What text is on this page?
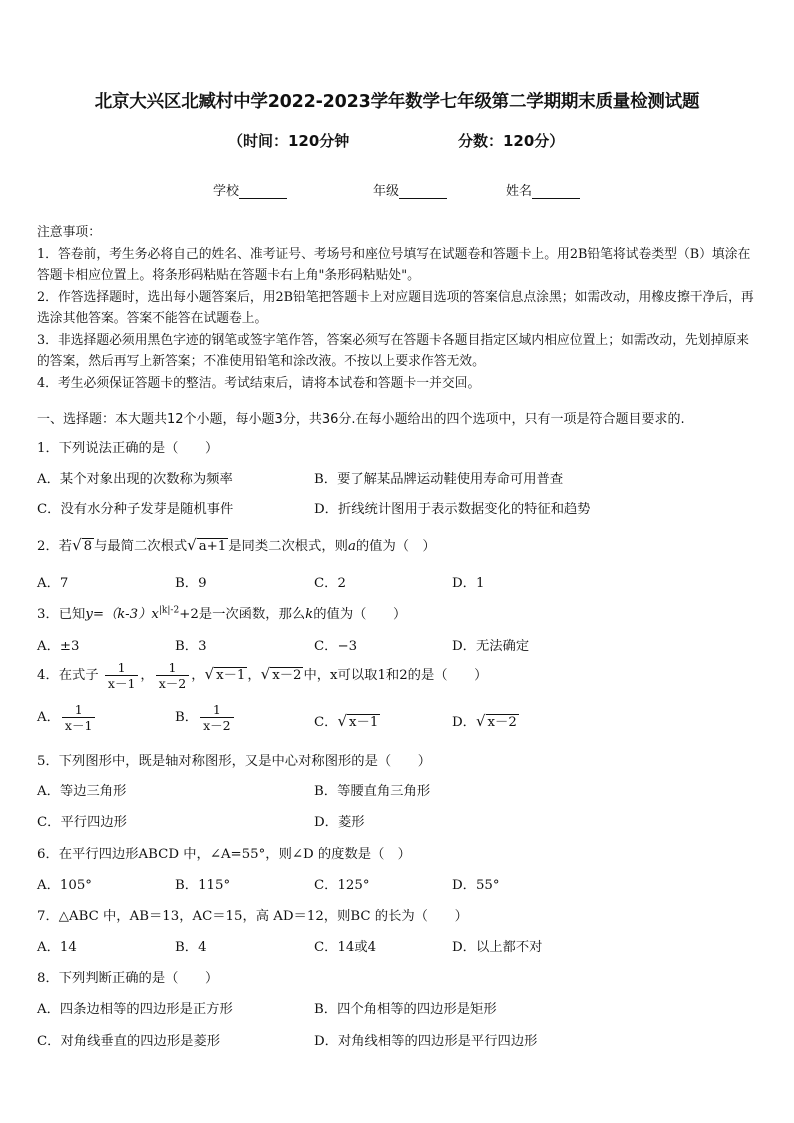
北京大兴区北臧村中学2022-2023学年数学七年级第二学期期末质量检测试题
（时间：120分钟	分数：120分）
学校	年级	姓名

注意事项：

1．答卷前，考生务必将自己的姓名、准考证号、考场号和座位号填写在试题卷和答题卡上。用2B铅笔将试卷类型（B）填涂在答题卡相应位置上。将条形码粘贴在答题卡右上角"条形码粘贴处"。

2．作答选择题时，选出每小题答案后，用2B铅笔把答题卡上对应题目选项的答案信息点涂黑；如需改动，用橡皮擦干净后，再选涂其他答案。答案不能答在试题卷上。

3．非选择题必须用黑色字迹的钢笔或签字笔作答，答案必须写在答题卡各题目指定区域内相应位置上；如需改动，先划掉原来的答案，然后再写上新答案；不准使用铅笔和涂改液。不按以上要求作答无效。

4．考生必须保证答题卡的整洁。考试结束后，请将本试卷和答题卡一并交回。

一、选择题：本大题共12个小题，每小题3分，共36分.在每小题给出的四个选项中，只有一项是符合题目要求的.
1．下列说法正确的是（　　）
A．某个对象出现的次数称为频率	B．要了解某品牌运动鞋使用寿命可用普查
C．没有水分种子发芽是随机事件	D．折线统计图用于表示数据变化的特征和趋势
2．若√ 8 与最简二次根式√ a+1 是同类二次根式，则a的值为（　）
A．7	B．9	C．2	D．1
3．已知$y=(k-3)x^{|k|-2}+2$是一次函数，那么k的值为（　　）
A．±3	B．3	C．−3	D．无法确定
4．在式子 $\frac{1}{x-1}$ ， $\frac{1}{x-2}$ ，√ x－1 ，√ x－2 中，x可以取1和2的是（　　）
A． $\frac{1}{x-1}$	B． $\frac{1}{x-2}$	C．√ x－1	D．√ x－2
5．下列图形中，既是轴对称图形，又是中心对称图形的是（　　）
A．等边三角形	B．等腰直角三角形
C．平行四边形	D．菱形
6．在平行四边形ABCD 中，∠A=55°，则∠D 的度数是（　）
A．105°	B．115°	C．125°	D．55°
7．△ABC 中，AB＝13，AC＝15，高 AD＝12，则BC 的长为（　　）
A．14	B．4	C．14或4	D．以上都不对
8．下列判断正确的是（　　）
A．四条边相等的四边形是正方形	B．四个角相等的四边形是矩形
C．对角线垂直的四边形是菱形	D．对角线相等的四边形是平行四边形
